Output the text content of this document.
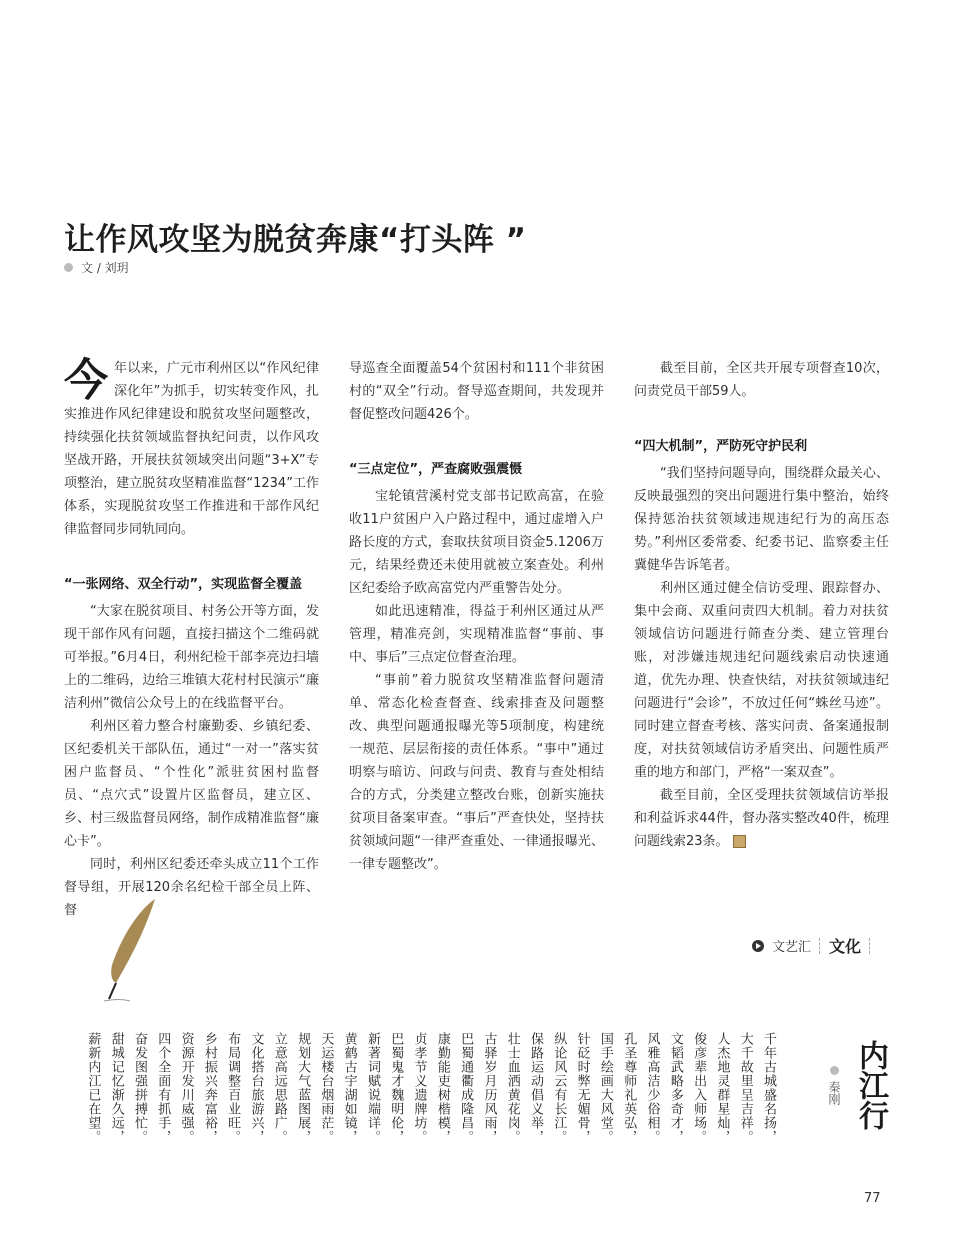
让作风攻坚为脱贫奔康“打头阵 ”
文 / 刘玥

今年以来，广元市利州区以“作风纪律深化年”为抓手，切实转变作风，扎实推进作风纪律建设和脱贫攻坚问题整改，持续强化扶贫领域监督执纪问责，以作风攻坚战开路，开展扶贫领域突出问题“3+X”专项整治，建立脱贫攻坚精准监督“1234”工作体系，实现脱贫攻坚工作推进和干部作风纪律监督同步同轨同向。

“一张网络、双全行动”，实现监督全覆盖

“大家在脱贫项目、村务公开等方面，发现干部作风有问题，直接扫描这个二维码就可举报。”6月4日，利州纪检干部李亮边扫墙上的二维码，边给三堆镇大花村村民演示“廉洁利州”微信公众号上的在线监督平台。

利州区着力整合村廉勤委、乡镇纪委、区纪委机关干部队伍，通过“一对一”落实贫困户监督员、“个性化”派驻贫困村监督员、“点穴式”设置片区监督员，建立区、乡、村三级监督员网络，制作成精准监督“廉心卡”。

同时，利州区纪委还牵头成立11个工作督导组，开展120余名纪检干部全员上阵、督

导巡查全面覆盖54个贫困村和111个非贫困村的“双全”行动。督导巡查期间，共发现并督促整改问题426个。

“三点定位”，严查腐败强震慑

宝轮镇营溪村党支部书记欧高富，在验收11户贫困户入户路过程中，通过虚增入户路长度的方式，套取扶贫项目资金5.1206万元，结果经费还未使用就被立案查处。利州区纪委给予欧高富党内严重警告处分。

如此迅速精准，得益于利州区通过从严管理，精准亮剑，实现精准监督“事前、事中、事后”三点定位督查治理。

“事前”着力脱贫攻坚精准监督问题清单、常态化检查督查、线索排查及问题整改、典型问题通报曝光等5项制度，构建统一规范、层层衔接的责任体系。“事中”通过明察与暗访、问政与问责、教育与查处相结合的方式，分类建立整改台账，创新实施扶贫项目备案审查。“事后”严查快处，坚持扶贫领域问题“一律严查重处、一律通报曝光、一律专题整改”。

截至目前，全区共开展专项督查10次，问责党员干部59人。

“四大机制”，严防死守护民利

“我们坚持问题导向，围绕群众最关心、反映最强烈的突出问题进行集中整治，始终保持惩治扶贫领域违规违纪行为的高压态势。”利州区委常委、纪委书记、监察委主任冀健华告诉笔者。

利州区通过健全信访受理、跟踪督办、集中会商、双重问责四大机制。着力对扶贫领域信访问题进行筛查分类、建立管理台账，对涉嫌违规违纪问题线索启动快速通道，优先办理、快查快结，对扶贫领域违纪问题进行“会诊”，不放过任何“蛛丝马迹”。同时建立督查考核、落实问责、备案通报制度，对扶贫领域信访矛盾突出、问题性质严重的地方和部门，严格“一案双查”。

截至目前，全区受理扶贫领域信访举报和利益诉求44件，督办落实整改40件，梳理问题线索23条。

文艺汇 文化
内江行
秦刚
千年古城盛名扬，
大千故里呈吉祥。
人杰地灵群星灿，
俊彦辈出入师场。
文韬武略多奇才，
风雅高洁少俗相。
孔圣尊师礼英弘，
国手绘画大风堂。
针砭时弊无媚骨，
纵论风云有长江。
保路运动倡义举，
壮士血洒黄花岗。
古驿岁月历风雨，
巴蜀通衢成隆昌。
康勤能吏树楷模，
贞孝节义遗牌坊。
巴蜀鬼才魏明伦，
新著词赋说端详。
黄鹤古宇湖如镜，
天运楼台烟雨茫。
规划大气蓝图展，
立意高远思路广。
文化搭台旅游兴，
布局调整百业旺。
乡村振兴奔富裕，
资源开发川威强。
四个全面有抓手，
奋发图强拼搏忙。
甜城记忆渐久远，
薪新内江已在望。
77
